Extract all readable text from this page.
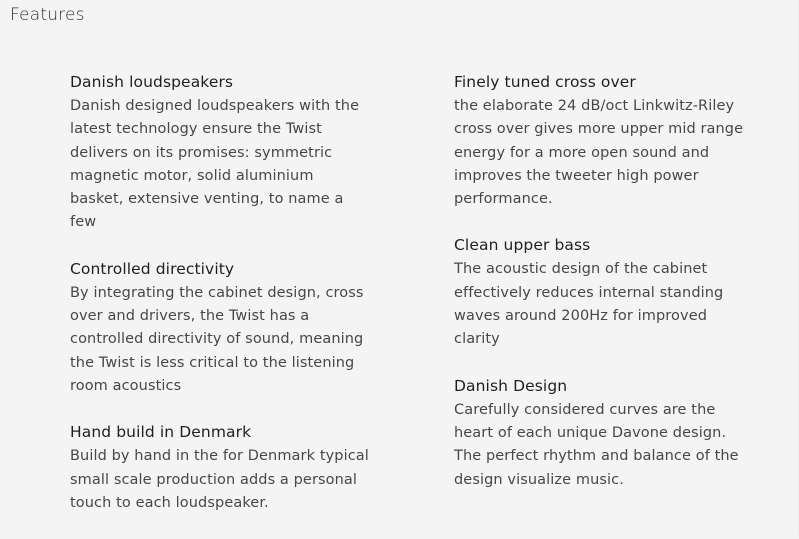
Features
Danish loudspeakers

Danish designed loudspeakers with the latest technology ensure the Twist delivers on its promises: symmetric magnetic motor, solid aluminium basket, extensive venting, to name a few

Controlled directivity

By integrating the cabinet design, cross over and drivers, the Twist has a controlled directivity of sound, meaning the Twist is less critical to the listening room acoustics

Hand build in Denmark

Build by hand in the for Denmark typical small scale production adds a personal touch to each loudspeaker.

Finely tuned cross over

the elaborate 24 dB/oct Linkwitz-Riley cross over gives more upper mid range energy for a more open sound and improves the tweeter high power performance.

Clean upper bass

The acoustic design of the cabinet effectively reduces internal standing waves around 200Hz for improved clarity

Danish Design

Carefully considered curves are the heart of each unique Davone design. The perfect rhythm and balance of the design visualize music.
